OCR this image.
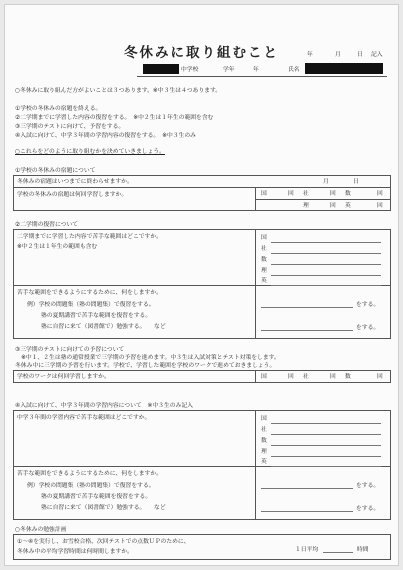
冬休みに取り組むこと	年	月	日 記入
中学校	学年	年	氏名
○冬休みに取り組んだ方がよいことは３つあります。※中３生は４つあります。
①学校の冬休みの宿題を終える。
②二学期までに学習した内容の復習をする。　※中２生は１年生の範囲を含む
③三学期のテストに向けて、予習をする。
④入試に向けて、中学３年間の学習内容の復習をする。　※中３生のみ
○これらをどのように取り組むかを決めていきましょう。
①学校の冬休みの宿題について
冬休みの宿題はいつまでに終わらせますか。	月	日
学校の冬休みの宿題は何回学習しますか。	国	回 社	回 数	回
理	回 英	回
②二学期の復習について
二学期までに学習した内容で苦手な範囲はどこですか。
※中２生は１年生の範囲も含む
国
社
数
理
英
苦手な範囲をできるようにするために、何をしますか。
例）学校の問題集（塾の問題集）で復習をする。
塾の夏期講習で苦手な範囲を復習をする。
塾に自習に来て（図書館で）勉強する。　　など
をする。
をする。
③三学期のテストに向けての予習について
※中１、２生は塾の通常授業で三学期の予習を進めます。中３生は入試対策とテスト対策をします。
冬休み中に三学期の予習を行います。学校で、学習した範囲を学校のワークで進めておきましょう。
学校のワークは何回学習しますか。	国	回 社	回 数	回
④入試に向けて、中学３年間の学習内容について　※中３生のみ記入
中学３年間の学習内容で苦手な範囲はどこですか。	国
社
数
理
英
苦手な範囲をできるようにするために、何をしますか。
例）学校の問題集（塾の問題集）で復習をする。
塾の夏期講習で苦手な範囲を復習をする。
塾に自習に来て（図書館で）勉強する。　　など
をする。
をする。
○冬休みの勉強計画
①～④を実行し、お雪校合格、次回テストでの点数ＵＰのために、
冬休み中の平均学習時間は何時間しますか。	１日平均	時間
